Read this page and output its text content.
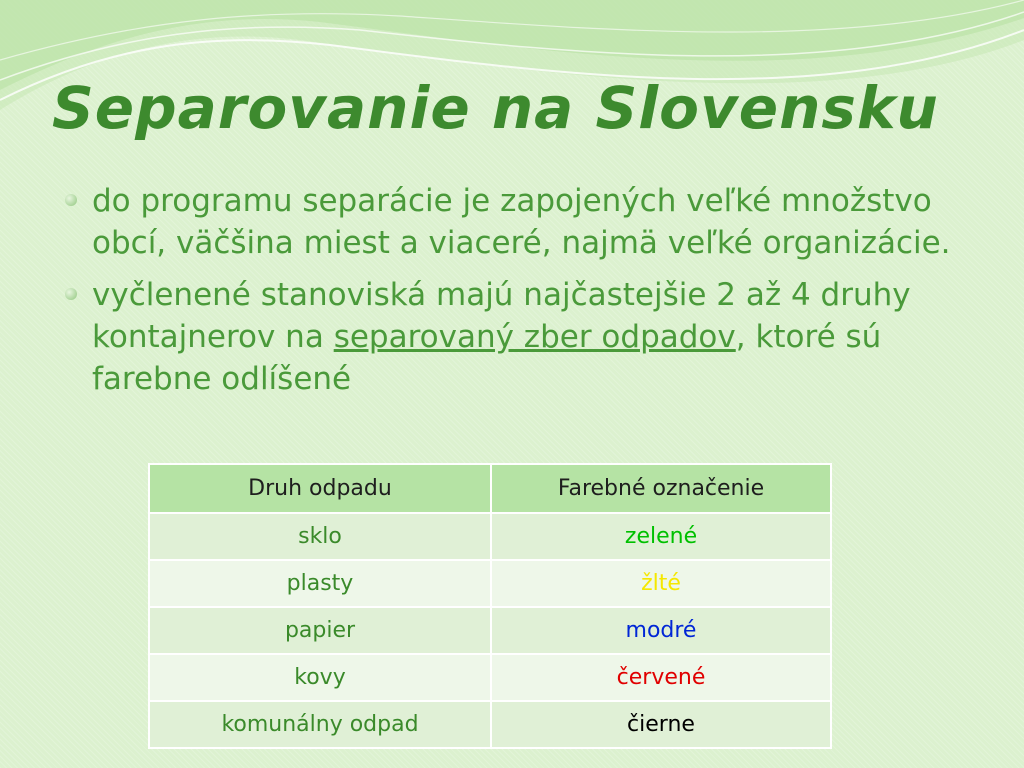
Separovanie na Slovensku
do programu separácie je zapojených veľké množstvo obcí, väčšina miest a viaceré, najmä veľké organizácie.
vyčlenené stanoviská majú najčastejšie 2 až 4 druhy kontajnerov na separovaný zber odpadov, ktoré sú farebne odlíšené
Druh odpadu	Farebné označenie
sklo	zelené
plasty	žlté
papier	modré
kovy	červené
komunálny odpad	čierne
